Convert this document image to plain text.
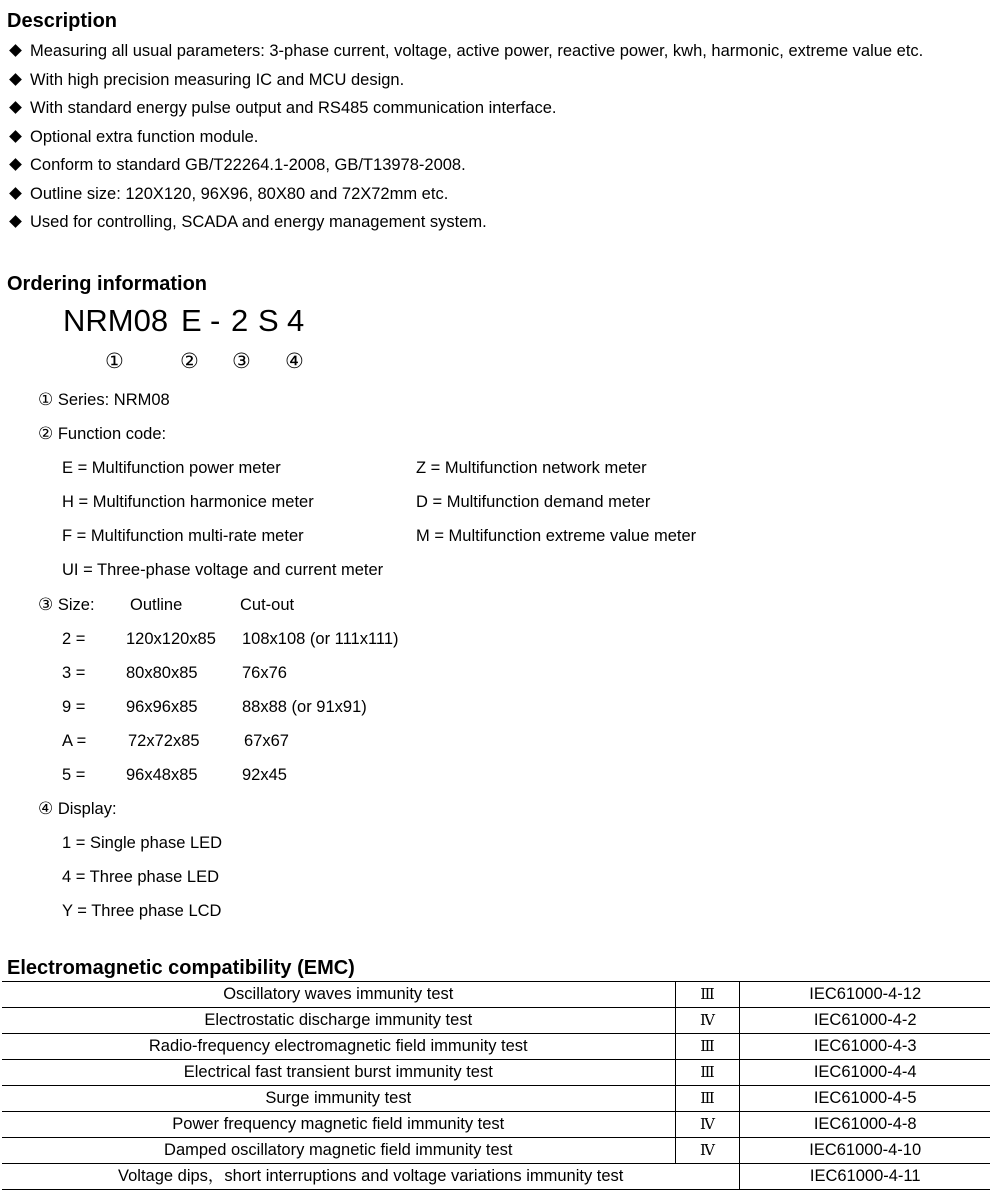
Description
Measuring all usual parameters: 3-phase current, voltage, active power, reactive power, kwh, harmonic, extreme value etc.
With high precision measuring IC and MCU design.
With standard energy pulse output and RS485 communication interface.
Optional extra function module.
Conform to standard GB/T22264.1-2008, GB/T13978-2008.
Outline size: 120X120, 96X96, 80X80 and 72X72mm etc.
Used for controlling, SCADA and energy management system.
Ordering information
NRM08 E - 2 S 4
①	② ③ ④
① Series: NRM08
② Function code:
E = Multifunction power meter	Z = Multifunction network meter
H = Multifunction harmonice meter	D = Multifunction demand meter
F = Multifunction multi-rate meter	M = Multifunction extreme value meter
UI = Three-phase voltage and current meter
③ Size: Outline	Cut-out
2 = 120x120x85 108x108 (or 111x111)
3 = 80x80x85	76x76
9 = 96x96x85	88x88 (or 91x91)
A =	72x72x85	67x67
5 = 96x48x85	92x45
④ Display:
1 = Single phase LED
4 = Three phase LED
Y = Three phase LCD
Electromagnetic compatibility (EMC)
Oscillatory waves immunity test	Ⅲ	IEC61000-4-12
Electrostatic discharge immunity test	Ⅳ	IEC61000-4-2
Radio-frequency electromagnetic field immunity test	Ⅲ	IEC61000-4-3
Electrical fast transient burst immunity test	Ⅲ	IEC61000-4-4
Surge immunity test	Ⅲ	IEC61000-4-5
Power frequency magnetic field immunity test	Ⅳ	IEC61000-4-8
Damped oscillatory magnetic field immunity test	Ⅳ	IEC61000-4-10
Voltage dips，short interruptions and voltage variations immunity test		IEC61000-4-11
